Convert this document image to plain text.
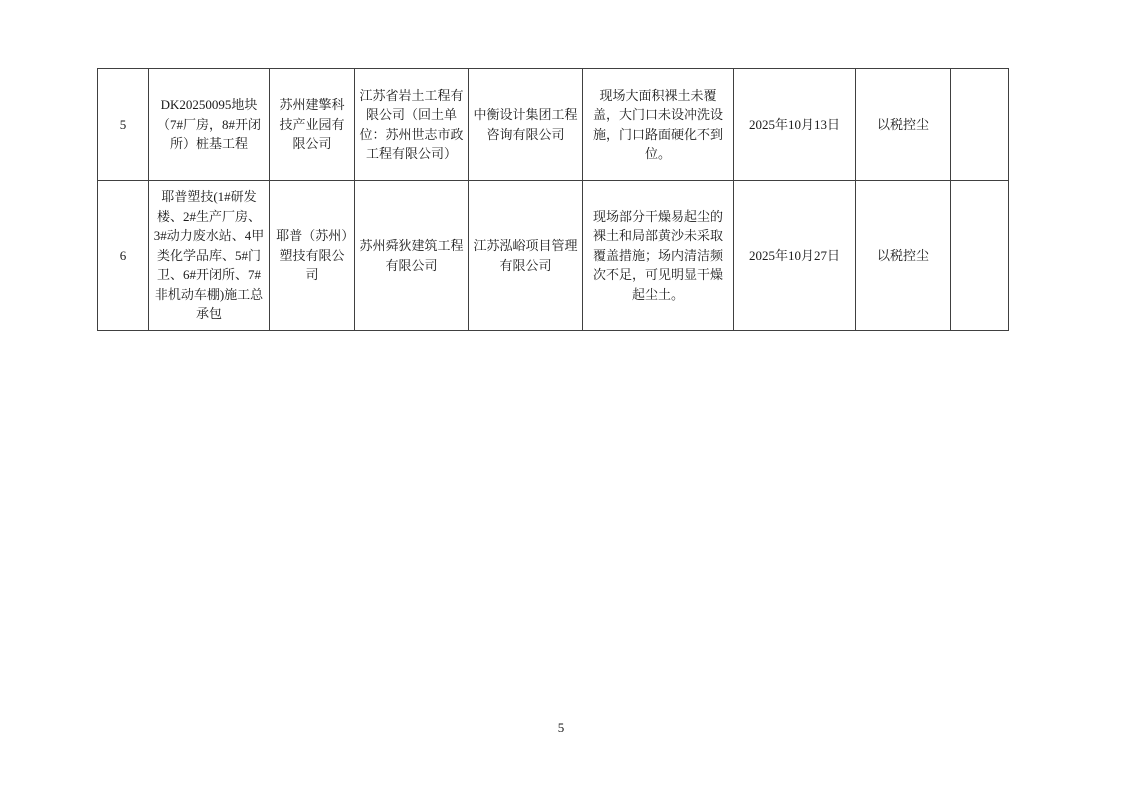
5	DK20250095地块（7#厂房，8#开闭所）桩基工程	苏州建擎科技产业园有限公司	江苏省岩土工程有限公司（回土单位：苏州世志市政工程有限公司）	中衡设计集团工程咨询有限公司	现场大面积裸土未覆盖，大门口未设冲洗设施，门口路面硬化不到位。	2025年10月13日	以税控尘	
6	耶普塑技(1#研发楼、2#生产厂房、3#动力废水站、4甲类化学品库、5#门卫、6#开闭所、7#非机动车棚)施工总承包	耶普（苏州）塑技有限公司	苏州舜狄建筑工程有限公司	江苏泓峪项目管理有限公司	现场部分干燥易起尘的裸土和局部黄沙未采取覆盖措施；场内清洁频次不足，可见明显干燥起尘土。	2025年10月27日	以税控尘	
5
